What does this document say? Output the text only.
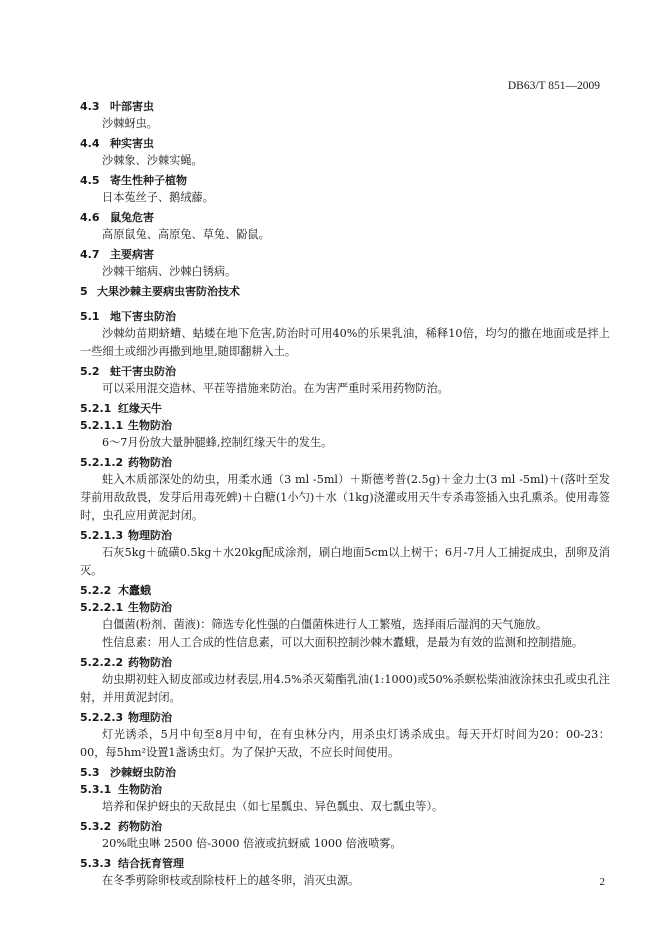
DB63/T 851—2009
4.3 叶部害虫
沙棘蚜虫。
4.4 种实害虫
沙棘象、沙棘实蝇。
4.5 寄生性种子植物
日本菟丝子、鹅绒藤。
4.6 鼠兔危害
高原鼠兔、高原兔、草兔、鼢鼠。
4.7 主要病害
沙棘干缩病、沙棘白锈病。
5 大果沙棘主要病虫害防治技术
5.1 地下害虫防治
沙棘幼苗期蛴螬、蛄蝼在地下危害,防治时可用40%的乐果乳油，稀释10倍，均匀的撒在地面或是拌上一些细土或细沙再撒到地里,随即翻耕入土。
5.2 蛀干害虫防治
可以采用混交造林、平茬等措施来防治。在为害严重时采用药物防治。
5.2.1 红缘天牛
5.2.1.1 生物防治
6～7月份放大量肿腿蜂,控制红缘天牛的发生。
5.2.1.2 药物防治
蛀入木质部深处的幼虫，用柔水通（3 ml -5ml）＋斯德考普(2.5g)＋金力士(3 ml -5ml)＋(落叶至发芽前用敌敌畏，发芽后用毒死蜱)＋白糖(1小勺)＋水（1kg)浇灌或用天牛专杀毒签插入虫孔熏杀。使用毒签时，虫孔应用黄泥封闭。
5.2.1.3 物理防治
石灰5kg＋硫磺0.5kg＋水20kg配成涂剂，刷白地面5cm以上树干；6月-7月人工捕捉成虫，刮卵及消灭。
5.2.2 木蠹蛾
5.2.2.1 生物防治
白僵菌(粉剂、菌液)：筛选专化性强的白僵菌株进行人工繁殖，选择雨后湿润的天气施放。
性信息素：用人工合成的性信息素，可以大面积控制沙棘木蠹蛾，是最为有效的监测和控制措施。
5.2.2.2 药物防治
幼虫期初蛀入韧皮部或边材表层,用4.5%杀灭菊酯乳油(1:1000)或50%杀螟松柴油液涂抹虫孔或虫孔注射，并用黄泥封闭。
5.2.2.3 物理防治
灯光诱杀，5月中旬至8月中旬，在有虫林分内，用杀虫灯诱杀成虫。每天开灯时间为20：00-23：00，每5hm²设置1盏诱虫灯。为了保护天敌，不应长时间使用。
5.3 沙棘蚜虫防治
5.3.1 生物防治
培养和保护蚜虫的天敌昆虫（如七星瓢虫、异色瓢虫、双七瓢虫等）。
5.3.2 药物防治
20%吡虫啉 2500 倍-3000 倍液或抗蚜威 1000 倍液喷雾。
5.3.3 结合抚育管理
在冬季剪除卵枝或刮除枝杆上的越冬卵，消灭虫源。	2
